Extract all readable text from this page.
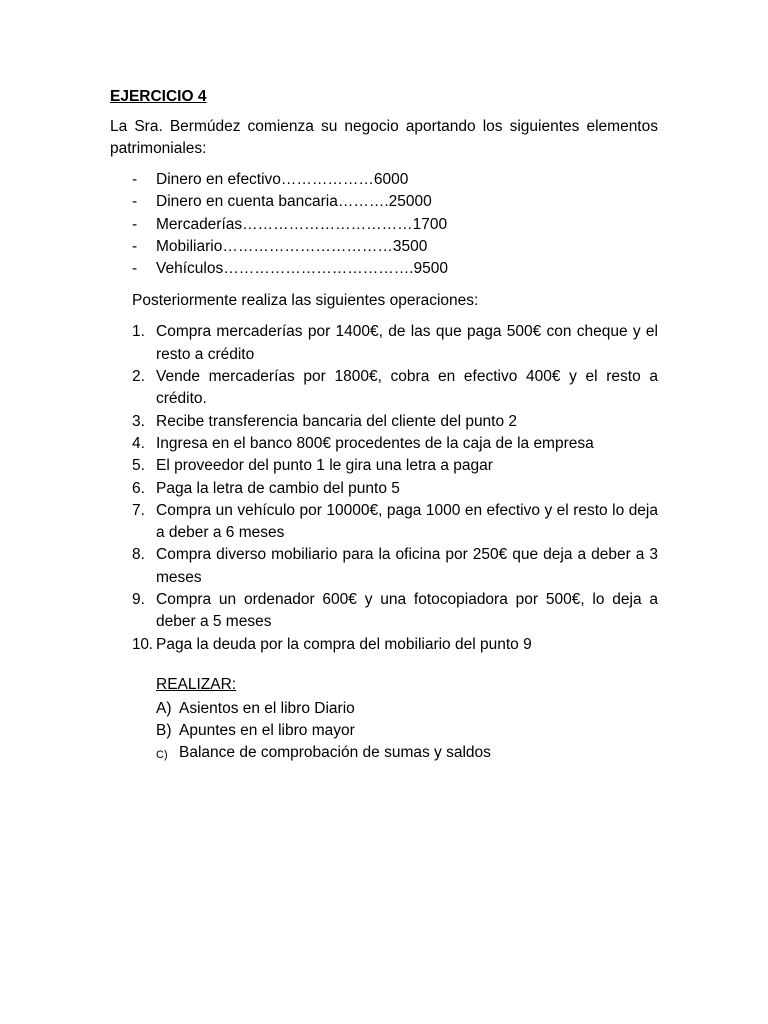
EJERCICIO 4

La Sra. Bermúdez comienza su negocio aportando los siguientes elementos patrimoniales:

- Dinero en efectivo………………6000
- Dinero en cuenta bancaria……….25000
- Mercaderías……………………………1700
- Mobiliario……………………………3500
- Vehículos……………………………….9500

Posteriormente realiza las siguientes operaciones:

1. Compra mercaderías por 1400€, de las que paga 500€ con cheque y el resto a crédito
2. Vende mercaderías por 1800€, cobra en efectivo 400€ y el resto a crédito.
3. Recibe transferencia bancaria del cliente del punto 2
4. Ingresa en el banco 800€ procedentes de la caja de la empresa
5. El proveedor del punto 1 le gira una letra a pagar
6. Paga la letra de cambio del punto 5
7. Compra un vehículo por 10000€, paga 1000 en efectivo y el resto lo deja a deber a 6 meses
8. Compra diverso mobiliario para la oficina por 250€ que deja a deber a 3 meses
9. Compra un ordenador 600€ y una fotocopiadora por 500€, lo deja a deber a 5 meses
10. Paga la deuda por la compra del mobiliario del punto 9

REALIZAR:

A) Asientos en el libro Diario
B) Apuntes en el libro mayor
C) Balance de comprobación de sumas y saldos
